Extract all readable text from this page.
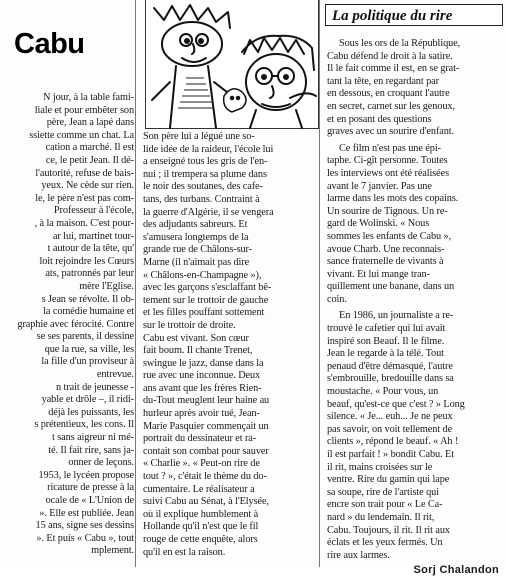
Cabu

N jour, à la table fami-
liale et pour embêter son
père, Jean a lapé dans
ssiette comme un chat. La
cation a marché. Il est
ce, le petit Jean. Il dé-
l'autorité, refuse de bais-
yeux. Ne cède sur rien.
le, le père n'est pas com-
Professeur à l'école,
, à la maison. C'est pour-
ar lui, martinet tour-
t autour de la tête, qu'
loit rejoindre les Cœurs
ats, patronnés par leur
mère l'Eglise.
s Jean se révolte. Il ob-
la comédie humaine et
graphie avec férocité. Contre
se ses parents, il dessine
que la rue, sa ville, les
la fille d'un proviseur à
entrevue.
n trait de jeunesse -
yable et drôle –, il ridi-
déjà les puissants, les
s prétentieux, les cons. Il
t sans aigreur ni mé-
té. Il fait rire, sans ja-
onner de leçons.
1953, le lycéen propose
ricature de presse à la
ocale de « L'Union de
». Elle est publiée. Jean
15 ans, signe ses dessins
». Et puis « Cabu », tout
mplement.

Son père lui a légué une so-
lide idée de la raideur, l'école lui
a enseigné tous les gris de l'en-
nui ; il trempera sa plume dans
le noir des soutanes, des cafe-
tans, des turbans. Contraint à
la guerre d'Algérie, il se vengera
des adjudants sabreurs. Et
s'amusera longtemps de la
grande rue de Châlons-sur-
Marne (il n'aimait pas dire
« Châlons-en-Champagne »),
avec les garçons s'esclaffant bê-
tement sur le trottoir de gauche
et les filles pouffant sottement
sur le trottoir de droite.
Cabu est vivant. Son cœur
fait boum. Il chante Trenet,
swingue le jazz, danse dans la
rue avec une inconnue. Deux
ans avant que les frères Rien-
du-Tout meuglent leur haine au
hurleur après avoir tué, Jean-
Marie Pasquier commençait un
portrait du dessinateur et ra-
contait son combat pour sauver
« Charlie ». « Peut-on rire de
tout ? », c'était le thème du do-
cumentaire. Le réalisateur a
suivi Cabu au Sénat, à l'Elysée,
où il explique humblement à
Hollande qu'il n'est que le fil
rouge de cette enquête, alors
qu'il en est la raison.

La politique du rire

Sous les ors de la République,
Cabu défend le droit à la satire.
Il le fait comme il est, en se grat-
tant la tête, en regardant par
en dessous, en croquant l'autre
en secret, carnet sur les genoux,
et en posant des questions
graves avec un sourire d'enfant.

Ce film n'est pas une épi-
taphe. Ci-gît personne. Toutes
les interviews ont été réalisées
avant le 7 janvier. Pas une
larme dans les mots des copains.
Un sourire de Tignous. Un re-
gard de Wolinski. « Nous
sommes les enfants de Cabu »,
avoue Charb. Une reconnais-
sance fraternelle de vivants à
vivant. Et lui mange tran-
quillement une banane, dans un
coin.

En 1986, un journaliste a re-
trouvé le cafetier qui lui avait
inspiré son Beauf. Il le filme.
Jean le regarde à la télé. Tout
penaud d'être démasqué, l'autre
s'embrouille, bredouille dans sa
moustache. « Pour vous, un
beauf, qu'est-ce que c'est ? » Long
silence. « Je... euh... Je ne peux
pas savoir, on voit tellement de
clients », répond le beauf. « Ah !
il est parfait ! » bondit Cabu. Et
il rit, mains croisées sur le
ventre. Rire du gamin qui lape
sa soupe, rire de l'artiste qui
encre son trait pour « Le Ca-
nard » du lendemain. Il rit,
Cabu. Toujours, il rit. Il rit aux
éclats et les yeux fermés. Un
rire aux larmes.

Sorj Chalandon
